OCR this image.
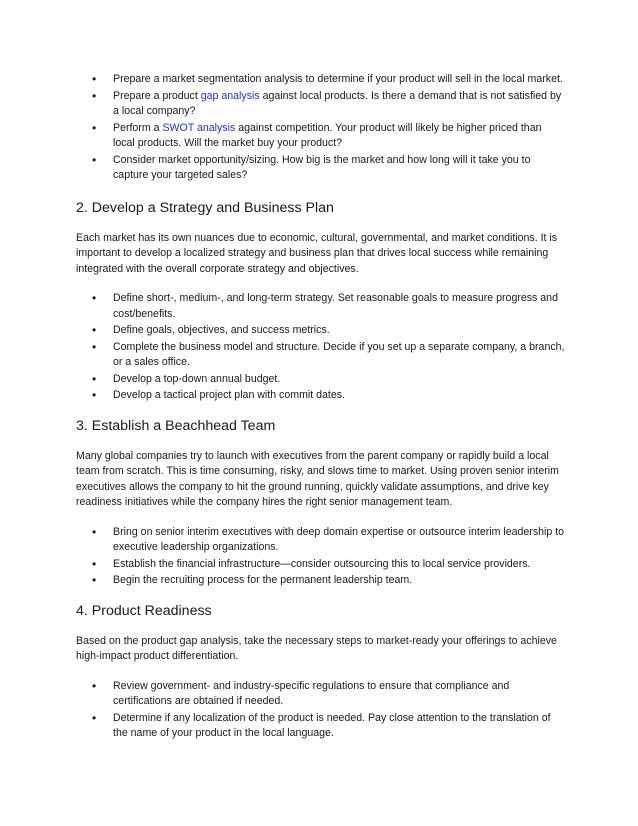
• Prepare a market segmentation analysis to determine if your product will sell in the local market.
• Prepare a product gap analysis against local products. Is there a demand that is not satisfied by a local company?
• Perform a SWOT analysis against competition. Your product will likely be higher priced than local products. Will the market buy your product?
• Consider market opportunity/sizing. How big is the market and how long will it take you to capture your targeted sales?
2. Develop a Strategy and Business Plan

Each market has its own nuances due to economic, cultural, governmental, and market conditions. It is important to develop a localized strategy and business plan that drives local success while remaining integrated with the overall corporate strategy and objectives.

• Define short-, medium-, and long-term strategy. Set reasonable goals to measure progress and cost/benefits.
• Define goals, objectives, and success metrics.
• Complete the business model and structure. Decide if you set up a separate company, a branch, or a sales office.
• Develop a top-down annual budget.
• Develop a tactical project plan with commit dates.
3. Establish a Beachhead Team

Many global companies try to launch with executives from the parent company or rapidly build a local team from scratch. This is time consuming, risky, and slows time to market. Using proven senior interim executives allows the company to hit the ground running, quickly validate assumptions, and drive key readiness initiatives while the company hires the right senior management team.

• Bring on senior interim executives with deep domain expertise or outsource interim leadership to executive leadership organizations.
• Establish the financial infrastructure—consider outsourcing this to local service providers.
• Begin the recruiting process for the permanent leadership team.
4. Product Readiness

Based on the product gap analysis, take the necessary steps to market-ready your offerings to achieve high-impact product differentiation.

• Review government- and industry-specific regulations to ensure that compliance and certifications are obtained if needed.
• Determine if any localization of the product is needed. Pay close attention to the translation of the name of your product in the local language.
